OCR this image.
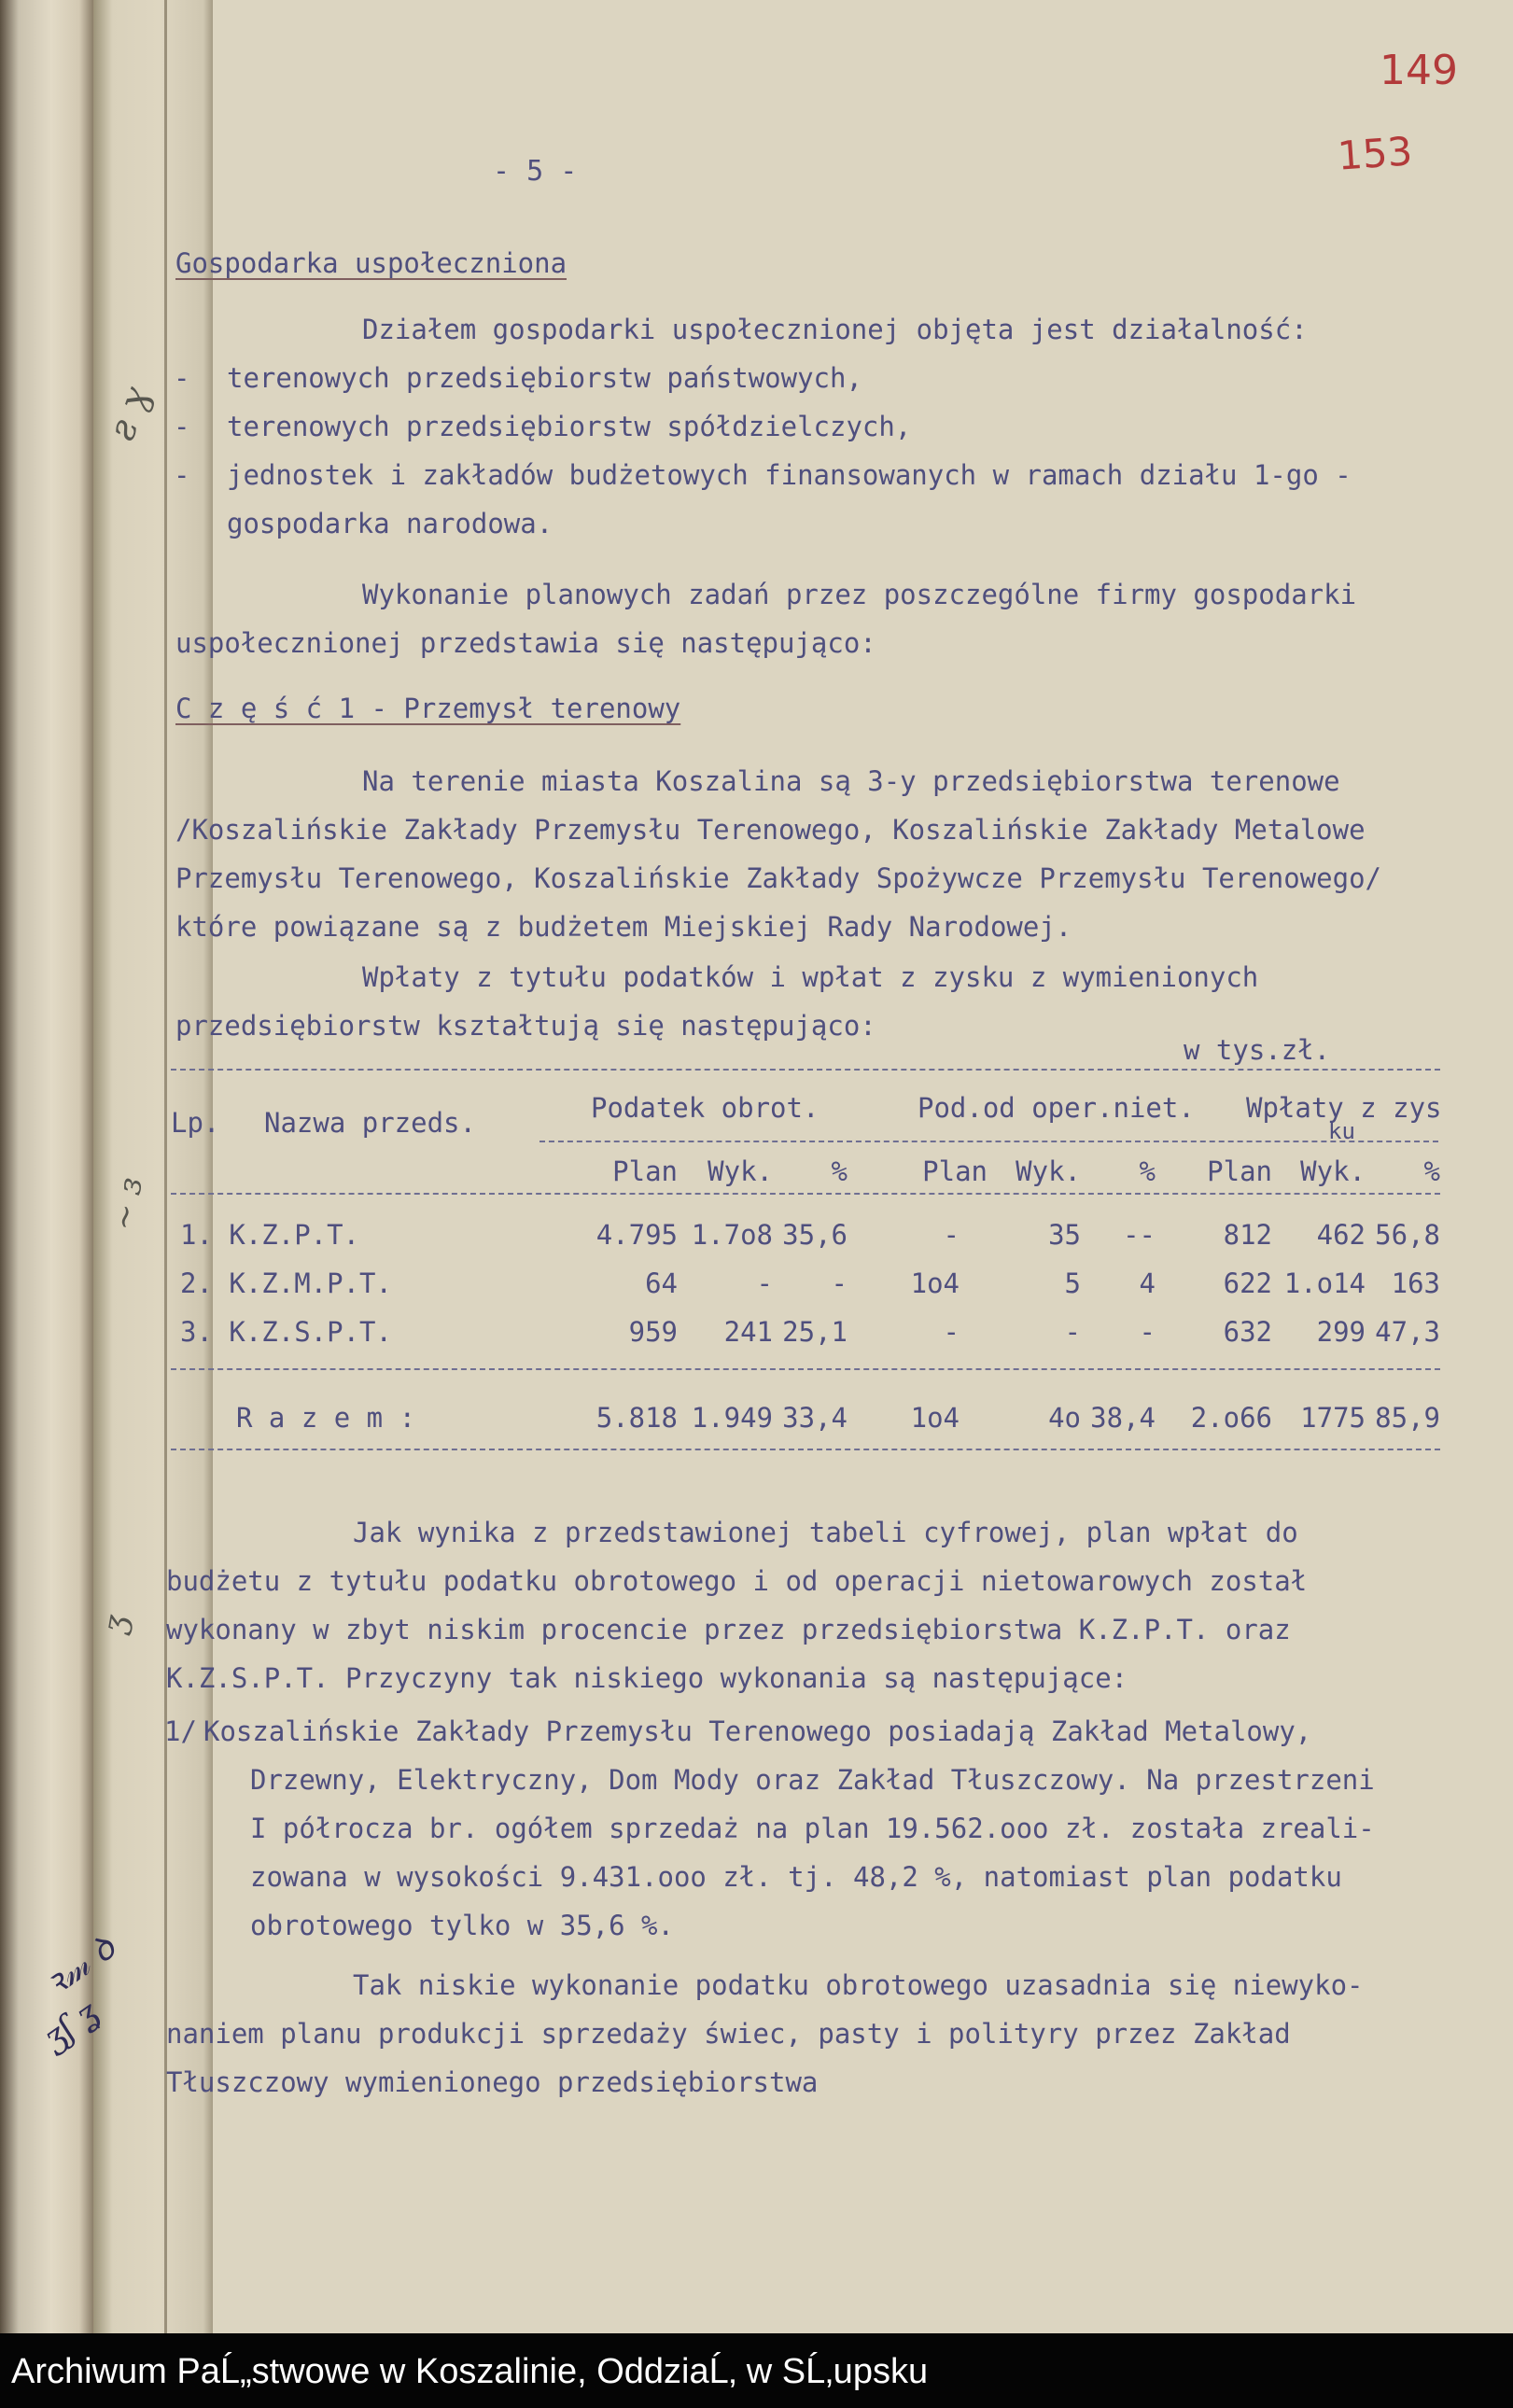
ƨ ɣ
~ ɜ
ʒ
149
153
- 5 -
Gospodarka uspołeczniona
Działem gospodarki uspołecznionej objęta jest działalność:
- terenowych przedsiębiorstw państwowych,
- terenowych przedsiębiorstw spółdzielczych,
- jednostek i zakładów budżetowych finansowanych w ramach działu 1-go -
gospodarka narodowa.
Wykonanie planowych zadań przez poszczególne firmy gospodarki
uspołecznionej przedstawia się następująco:
C z ę ś ć 1 - Przemysł terenowy
Na terenie miasta Koszalina są 3-y przedsiębiorstwa terenowe
/Koszalińskie Zakłady Przemysłu Terenowego, Koszalińskie Zakłady Metalowe
Przemysłu Terenowego, Koszalińskie Zakłady Spożywcze Przemysłu Terenowego/
które powiązane są z budżetem Miejskiej Rady Narodowej.
Wpłaty z tytułu podatków i wpłat z zysku z wymienionych
przedsiębiorstw kształtują się następująco:
w tys.zł.
Lp. Nazwa przeds.	Podatek obrot.	Pod.od oper.niet. Wpłaty z zys
ku
Plan	Wyk.	%	Plan	Wyk.	%	Plan	Wyk.	%
1. K.Z.P.T.	4.795 1.7o8 35,6	-	35	--	812	462 56,8
2. K.Z.M.P.T.	64	-	-	1o4	5	4	622 1.o14 163
3. K.Z.S.P.T.	959	241 25,1	-	-	-	632	299 47,3
R a z e m :	5.818 1.949 33,4	1o4	4o 38,4	2.o66	1775 85,9
Jak wynika z przedstawionej tabeli cyfrowej, plan wpłat do
budżetu z tytułu podatku obrotowego i od operacji nietowarowych został
wykonany w zbyt niskim procencie przez przedsiębiorstwa K.Z.P.T. oraz
K.Z.S.P.T. Przyczyny tak niskiego wykonania są następujące:
1/ Koszalińskie Zakłady Przemysłu Terenowego posiadają Zakład Metalowy,
Drzewny, Elektryczny, Dom Mody oraz Zakład Tłuszczowy. Na przestrzeni
I półrocza br. ogółem sprzedaż na plan 19.562.ooo zł. została zreali-
zowana w wysokości 9.431.ooo zł. tj. 48,2 %, natomiast plan podatku
obrotowego tylko w 35,6 %.
Tak niskie wykonanie podatku obrotowego uzasadnia się niewyko-
naniem planu produkcji sprzedaży świec, pasty i polityry przez Zakład
Tłuszczowy wymienionego przedsiębiorstwa
ꝛ𝓂 ꝺ
ʒʃ ʓ
Archiwum PaĹ„stwowe w Koszalinie, OddziaĹ‚ w SĹ‚upsku
